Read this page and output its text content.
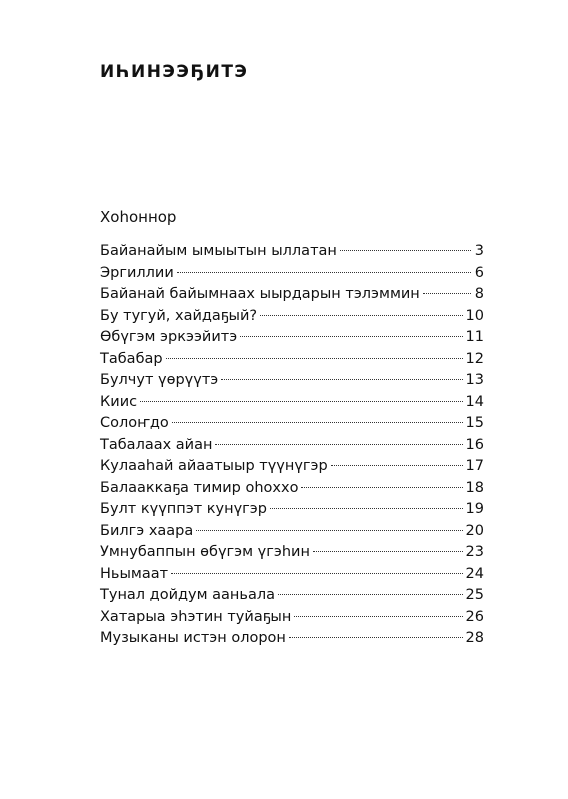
ИҺИНЭЭҔИТЭ
Хоһоннор
Байанайым ымыытын ыллатан	3
Эргиллии	6
Байанай байымнаах ыырдарын тэлэммин	8
Бу тугуй, хайдаҕый?	10
Өбүгэм эркээйитэ	11
Табабар	12
Булчут үөрүүтэ	13
Киис	14
Солоҥдо	15
Табалаах айан	16
Кулааһай айаатыыр түүнүгэр	17
Балааккаҕа тимир оһоххо	18
Булт күүппэт кунүгэр	19
Билгэ хаара	20
Умнубаппын өбүгэм үгэһин	23
Ньымаат	24
Тунал дойдум ааньала	25
Хатарыа эһэтин туйаҕын	26
Музыканы истэн олорон	28
